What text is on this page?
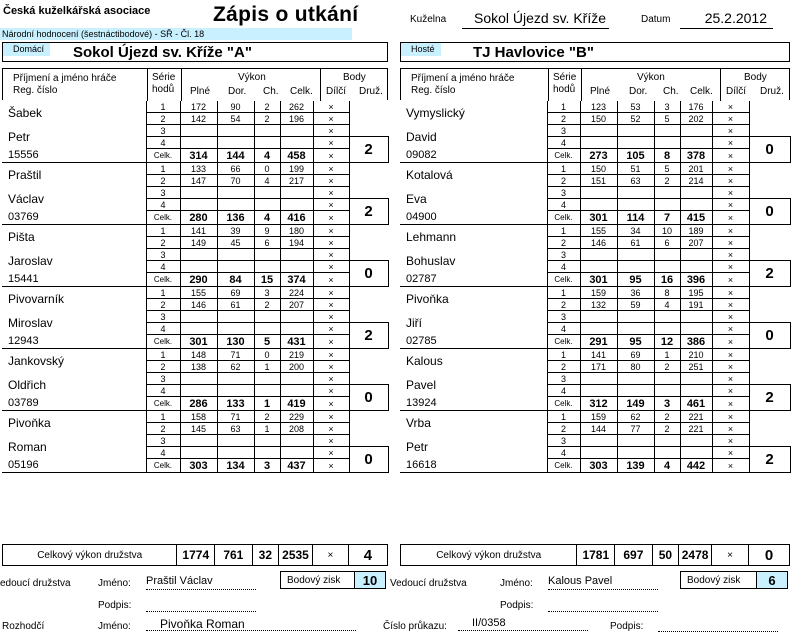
Česká kuželkářská asociace	Zápis o utkání	Kuželna	Sokol Újezd sv. Kříže	Datum	25.2.2012
Národní hodnocení (šestnáctibodové) - SŘ - Čl. 18
Domácí	Sokol Újezd sv. Kříže "A"	Hosté	TJ Havlovice "B"
Příjmení a jméno hráče
Reg. číslo
Série
hodů
Výkon
Plné Dor. Ch. Celk.
Body
Dílčí Druž.
Příjmení a jméno hráče
Reg. číslo
Série
hodů
Výkon
Plné Dor. Ch. Celk.
Body
Dílčí Druž.
Šabek	1	172	90	2	262	×	
	2	142	54	2	196	×	
Petr	3					×	
	4					×	2
15556	Celk.	314	144	4	458	×	
Praštil	1	133	66	0	199	×	
	2	147	70	4	217	×	
Václav	3					×	
	4					×	2
03769	Celk.	280	136	4	416	×	
Pišta	1	141	39	9	180	×	
	2	149	45	6	194	×	
Jaroslav	3					×	
	4					×	0
15441	Celk.	290	84	15	374	×	
Pivovarník	1	155	69	3	224	×	
	2	146	61	2	207	×	
Miroslav	3					×	
	4					×	2
12943	Celk.	301	130	5	431	×	
Jankovský	1	148	71	0	219	×	
	2	138	62	1	200	×	
Oldřich	3					×	
	4					×	0
03789	Celk.	286	133	1	419	×	
Pivoňka	1	158	71	2	229	×	
	2	145	63	1	208	×	
Roman	3					×	
	4					×	0
05196	Celk.	303	134	3	437	×	
Vymyslický	1	123	53	3	176	×	
	2	150	52	5	202	×	
David	3					×	
	4					×	0
09082	Celk.	273	105	8	378	×	
Kotalová	1	150	51	5	201	×	
	2	151	63	2	214	×	
Eva	3					×	
	4					×	0
04900	Celk.	301	114	7	415	×	
Lehmann	1	155	34	10	189	×	
	2	146	61	6	207	×	
Bohuslav	3					×	
	4					×	2
02787	Celk.	301	95	16	396	×	
Pivoňka	1	159	36	8	195	×	
	2	132	59	4	191	×	
Jiří	3					×	
	4					×	0
02785	Celk.	291	95	12	386	×	
Kalous	1	141	69	1	210	×	
	2	171	80	2	251	×	
Pavel	3					×	
	4					×	2
13924	Celk.	312	149	3	461	×	
Vrba	1	159	62	2	221	×	
	2	144	77	2	221	×	
Petr	3					×	
	4					×	2
16618	Celk.	303	139	4	442	×	
Celkový výkon družstva	1774	761	32	2535	×	4	Celkový výkon družstva	1781	697	50	2478	×	0
edoucí družstva	Jméno: Praštil Václav	Bodový zisk	10
Podpis:
Vedoucí družstva	Jméno: Kalous Pavel	Bodový zisk	6
Podpis:
Rozhodčí	Jméno:	Pivoňka Roman	Číslo průkazu:	II/0358	Podpis:
